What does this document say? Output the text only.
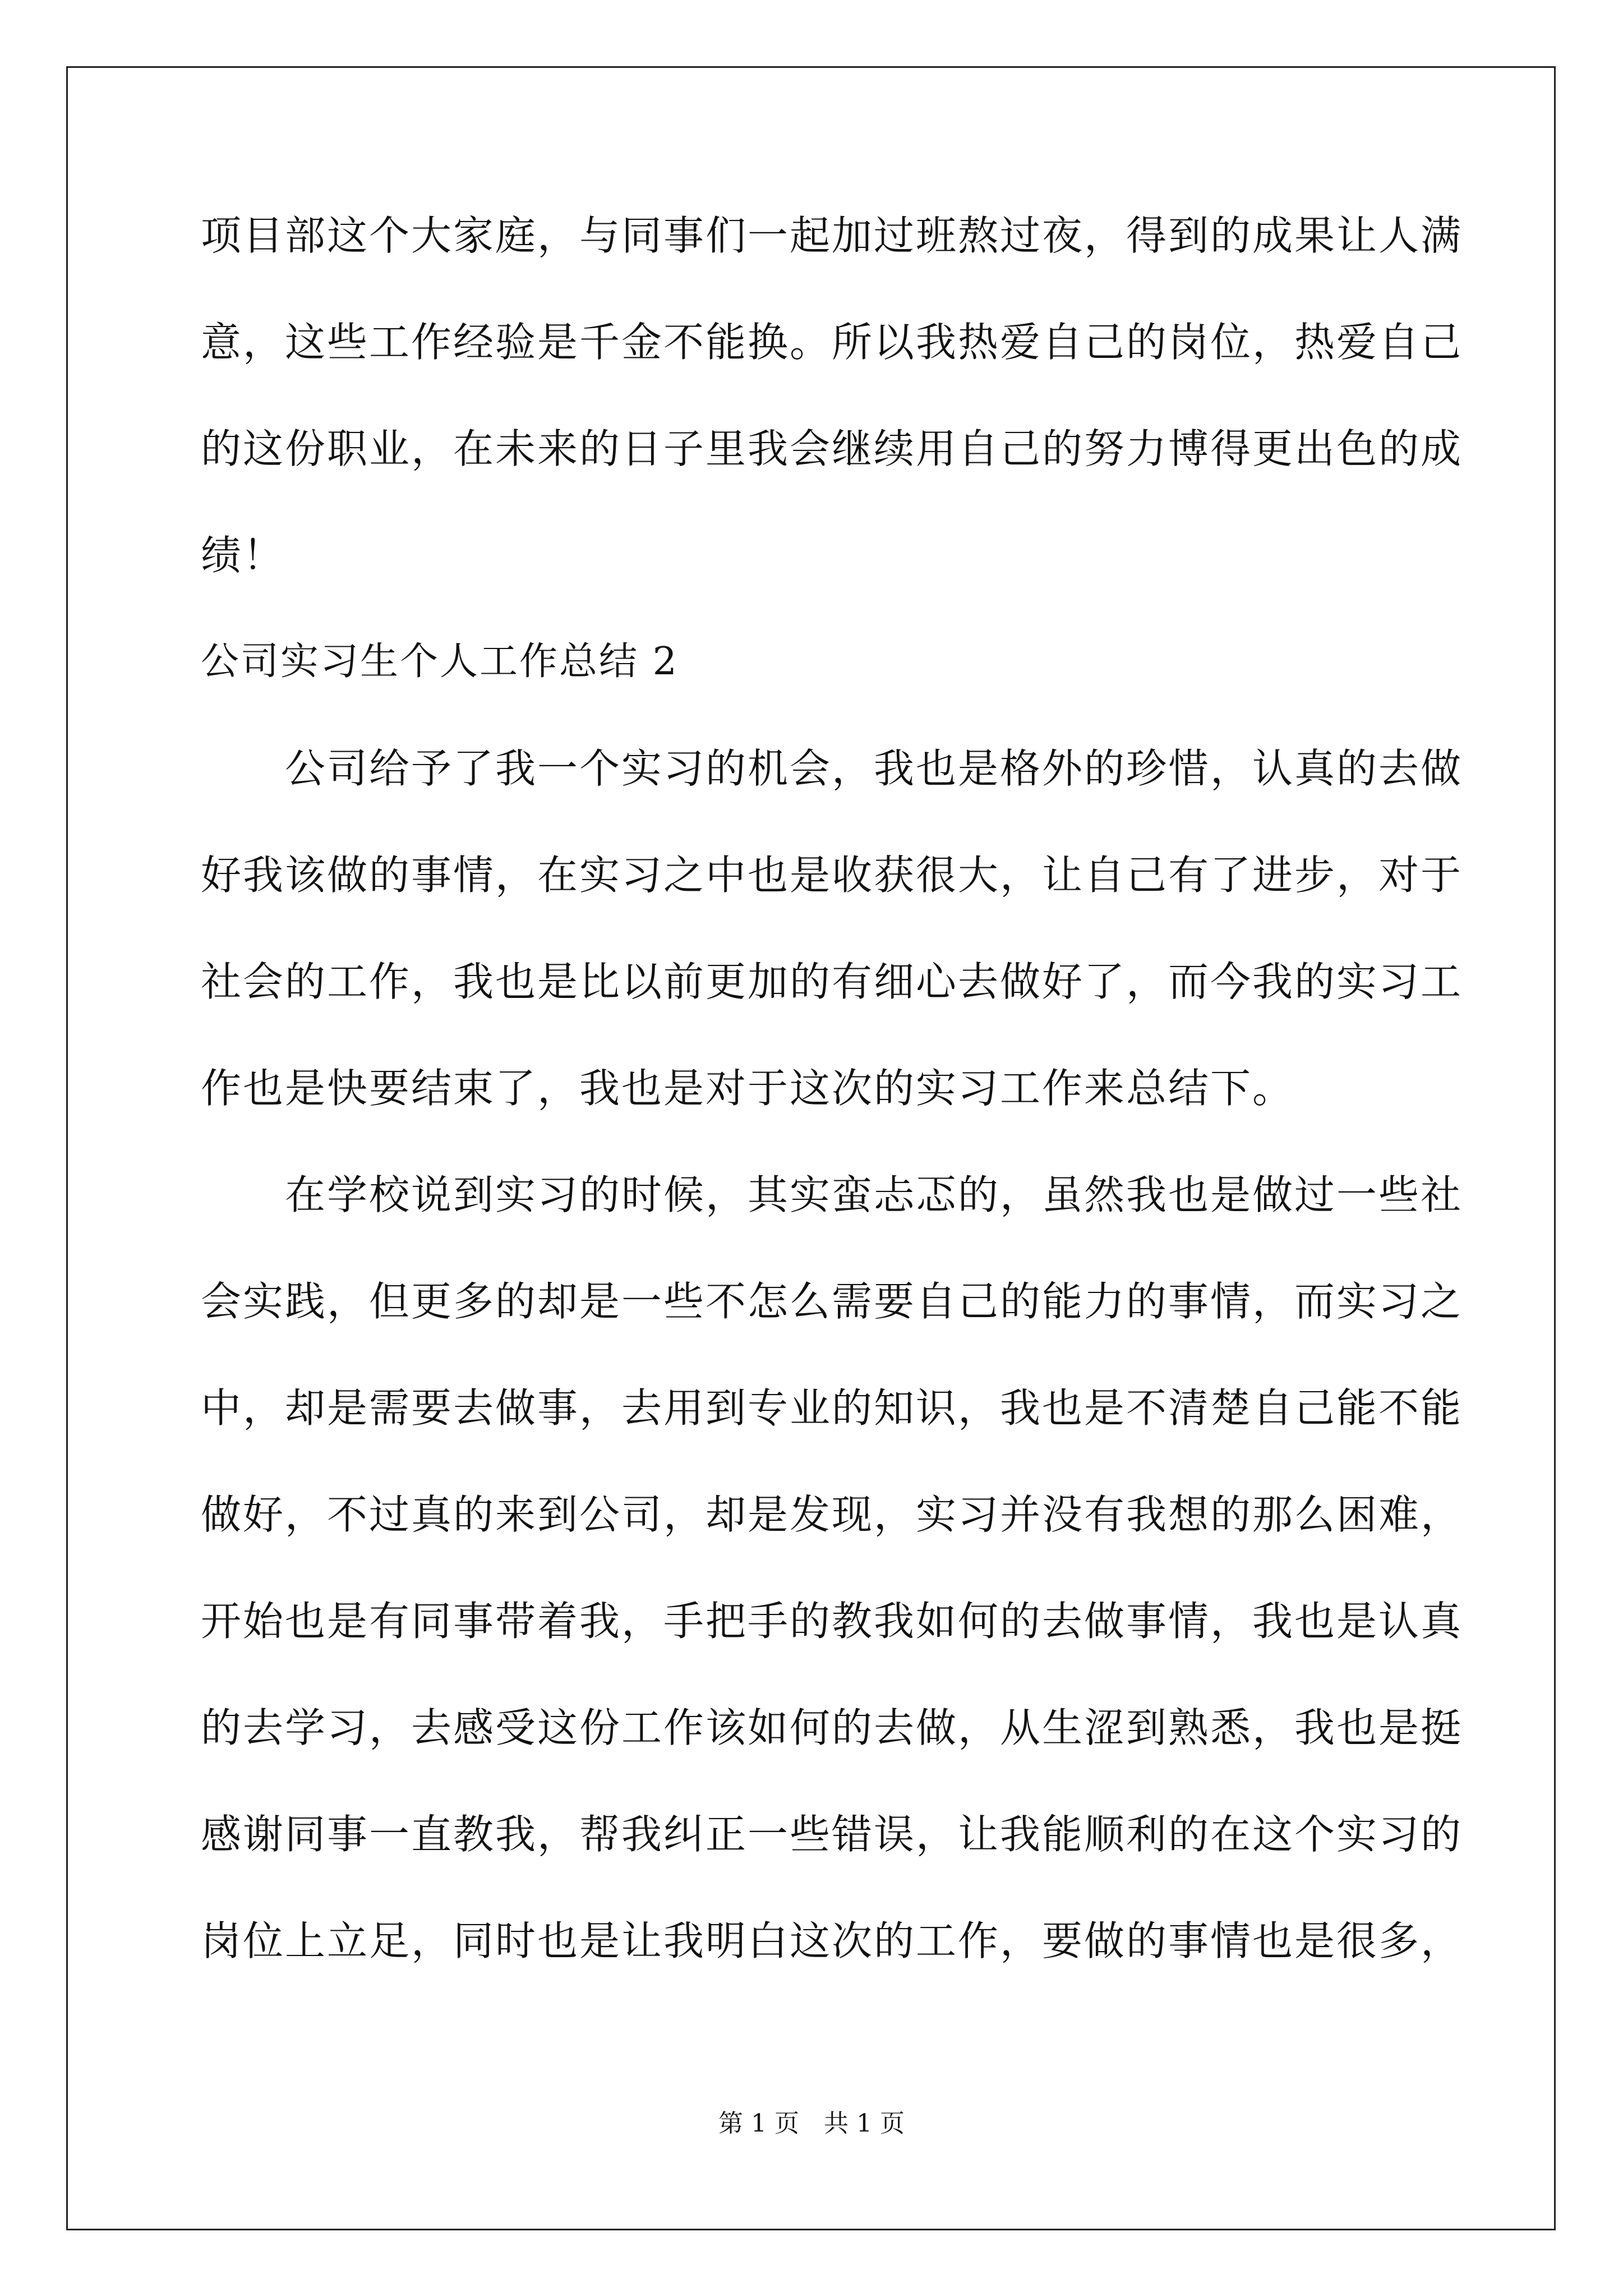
项目部这个大家庭，与同事们一起加过班熬过夜，得到的成果让人满
意，这些工作经验是千金不能换。所以我热爱自己的岗位，热爱自己
的这份职业，在未来的日子里我会继续用自己的努力博得更出色的成
绩！
公司实习生个人工作总结 2
　　公司给予了我一个实习的机会，我也是格外的珍惜，认真的去做
好我该做的事情，在实习之中也是收获很大，让自己有了进步，对于
社会的工作，我也是比以前更加的有细心去做好了，而今我的实习工
作也是快要结束了，我也是对于这次的实习工作来总结下。
　　在学校说到实习的时候，其实蛮忐忑的，虽然我也是做过一些社
会实践，但更多的却是一些不怎么需要自己的能力的事情，而实习之
中，却是需要去做事，去用到专业的知识，我也是不清楚自己能不能
做好，不过真的来到公司，却是发现，实习并没有我想的那么困难，
开始也是有同事带着我，手把手的教我如何的去做事情，我也是认真
的去学习，去感受这份工作该如何的去做，从生涩到熟悉，我也是挺
感谢同事一直教我，帮我纠正一些错误，让我能顺利的在这个实习的
岗位上立足，同时也是让我明白这次的工作，要做的事情也是很多，
第 1 页　共 1 页
